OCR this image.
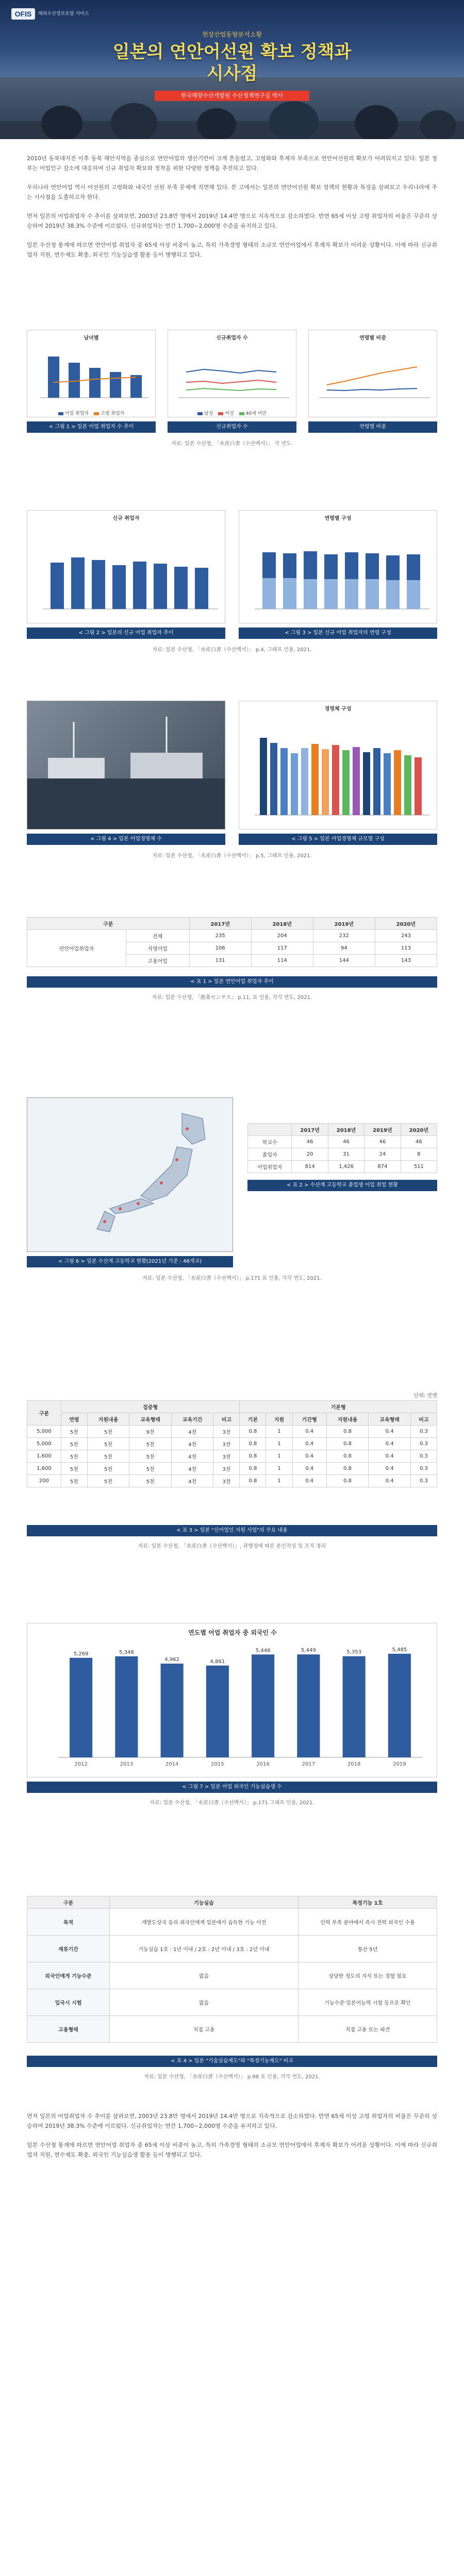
OFIS	해외수산정보포털 서비스
현장산업동향분석소황
일본의 연안어선원 확보 정책과
시사점
한국해양수산개발원 수산정책연구실 박사

2010년 동북대지진 이후 동북 해안지역을 중심으로 연안어업의 생산기반이 크게 흔들렸고, 고령화와 후계자 부족으로 연안어선원의 확보가 어려워지고 있다. 일본 정부는 어업인구 감소에 대응하여 신규 취업자 확보와 정착을 위한 다양한 정책을 추진하고 있다.

우리나라 연안어업 역시 어선원의 고령화와 내국인 선원 부족 문제에 직면해 있다. 본 고에서는 일본의 연안어선원 확보 정책의 현황과 특징을 살펴보고 우리나라에 주는 시사점을 도출하고자 한다.

먼저 일본의 어업취업자 수 추이를 살펴보면, 2003년 23.8만 명에서 2019년 14.4만 명으로 지속적으로 감소하였다. 반면 65세 이상 고령 취업자의 비율은 꾸준히 상승하여 2019년 38.3% 수준에 이르렀다. 신규취업자는 연간 1,700~2,000명 수준을 유지하고 있다.

일본 수산청 통계에 따르면 연안어업 취업자 중 65세 이상 비중이 높고, 특히 가족경영 형태의 소규모 연안어업에서 후계자 확보가 어려운 상황이다. 이에 따라 신규취업자 지원, 연수제도 확충, 외국인 기능실습생 활용 등이 병행되고 있다.

남녀별
어업 취업자	고령 취업자
신규취업자 수
남성	여성	40세 미만
연령별 비중
< 그림 1 > 일본 어업 취업자 수 추이	신규취업자 수	연령별 비중
자료: 일본 수산청, 「水産白書（수산백서）」 각 연도.
신규 취업자	연령별 구성
< 그림 2 > 일본의 신규 어업 취업자 추이	< 그림 3 > 일본 신규 어업 취업자의 연령 구성
자료: 일본 수산청, 「水産白書（수산백서）」 p.4, 그래프 인용, 2021.
경영체 구성
< 그림 4 > 일본 어업경영체 수	< 그림 5 > 일본 어업경영체 규모별 구성
자료: 일본 수산청, 「水産白書（수산백서）」 p.5, 그래프 인용, 2021.
구분		2017년	2018년	2019년	2020년
연안어업취업자	전체	235	204	232	243
	자영어업	106	117	94	113
	고용어업	131	114	144	143
< 표 1 > 일본 연안어업 취업자 추이
자료: 일본 수산청, 「漁業センサス」 p.11, 표 인용, 각각 연도, 2021.
	2017년	2018년	2019년	2020년
학교수	46	46	46	46
졸업자	20	31	24	8
어업취업자	814	1,426	874	511
< 표 2 > 수산계 고등학교 졸업생 어업 취업 현황
< 그림 6 > 일본 수산계 고등학교 현황(2021년 기준 : 46개교)
자료: 일본 수산청, 「水産白書（수산백서）」 p.171 표 인용, 각각 연도, 2021.
단위: 만엔
구분	집중형					기본형					
	연령	지원내용	교육형태	교육기간	비고	기본	지원	기간형	지원내용	교육형태	비고
5,000	5천	5천	9천	4천	3천	0.8	1	0.4	0.8	0.4	0.3
5,000	5천	5천	5천	4천	3천	0.8	1	0.4	0.8	0.4	0.3
1,600	5천	5천	5천	4천	3천	0.8	1	0.4	0.8	0.4	0.3
1,600	5천	5천	5천	4천	3천	0.8	1	0.4	0.8	0.4	0.3
200	5천	5천	5천	4천	3천	0.8	1	0.4	0.8	0.4	0.3
< 표 3 > 일본 "신어업인 지원 사업"의 주요 내용
자료: 일본 수산청, 「水産白書（수산백서）」, 과행정에 따른 본인작성 및 조직 정리
연도별 어업 취업자 중 외국인 수
5,269
2012
5,348
2013
4,962
2014
4,861
2015
5,446
2016
5,449
2017
5,353
2018
5,485
2019
< 그림 7 > 일본 어업 외국인 기능실습생 수
자료: 일본 수산청, 「水産白書（수산백서）」 p.171 그래프 인용, 2021.
구분	기능실습	특정기능 1호
목적	개발도상국 등의 외국인에게 일본에서 습득한 기능 이전	인력 부족 분야에서 즉시 전력 외국인 수용
재류기간	기능실습 1호 : 1년 이내 / 2호 : 2년 이내 / 3호 : 2년 이내	통산 5년
외국인에게 기능수준	없음	상당한 정도의 지식 또는 경험 필요
입국시 시험	없음	기능수준·일본어능력 시험 등으로 확인
고용형태	직접 고용	직접 고용 또는 파견
< 표 4 > 일본 "기술실습제도"와 "특정기능제도" 비교
자료: 일본 수산청, 「水産白書（수산백서）」 p.98 표 인용, 각각 연도, 2021.

먼저 일본의 어업취업자 수 추이를 살펴보면, 2003년 23.8만 명에서 2019년 14.4만 명으로 지속적으로 감소하였다. 반면 65세 이상 고령 취업자의 비율은 꾸준히 상승하여 2019년 38.3% 수준에 이르렀다. 신규취업자는 연간 1,700~2,000명 수준을 유지하고 있다.

일본 수산청 통계에 따르면 연안어업 취업자 중 65세 이상 비중이 높고, 특히 가족경영 형태의 소규모 연안어업에서 후계자 확보가 어려운 상황이다. 이에 따라 신규취업자 지원, 연수제도 확충, 외국인 기능실습생 활용 등이 병행되고 있다.
